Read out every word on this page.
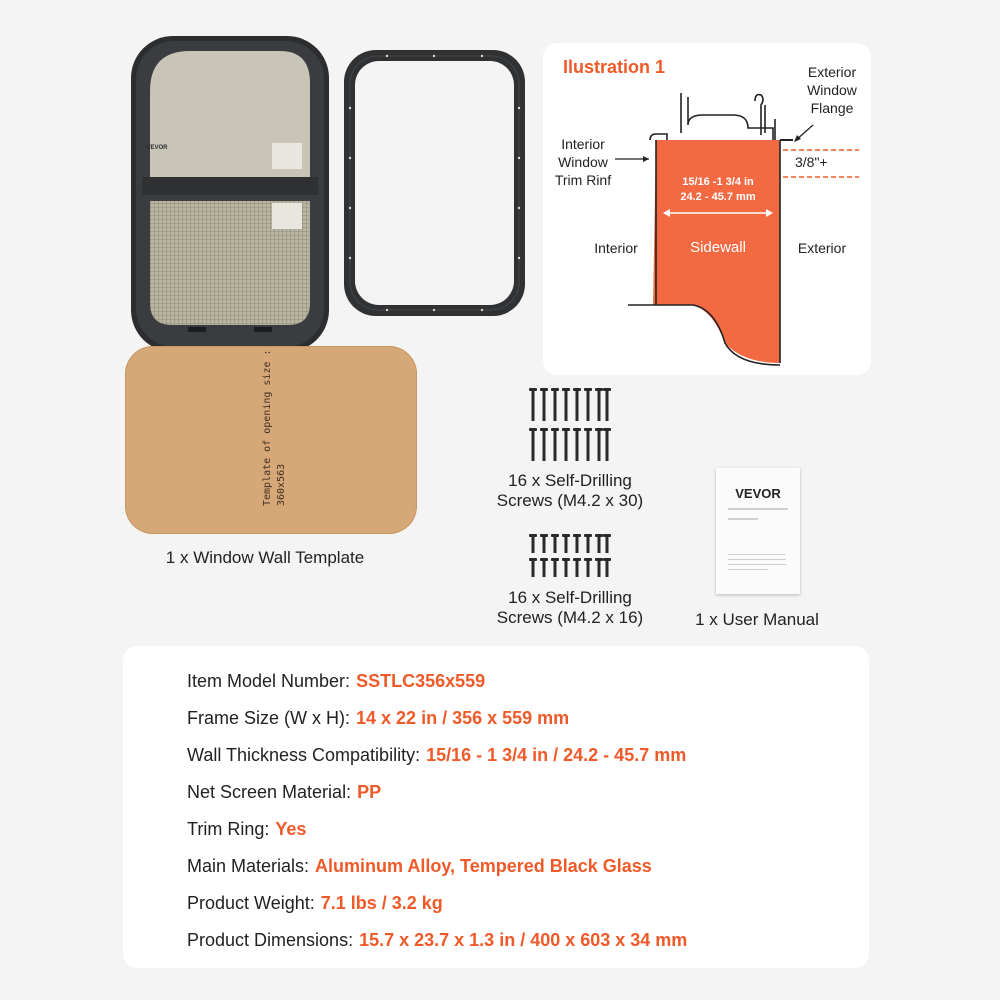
VEVOR
Ilustration 1	Exterior
Window
Flange
Interior
Window
Trim Rinf
Interior	Sidewall	Exterior
15/16 -1 3/4 in
24.2 - 45.7 mm
3/8"+
Template of opening size : 360x563
1 x Window Wall Template
16 x Self-Drilling
Screws (M4.2 x 30)
16 x Self-Drilling
Screws (M4.2 x 16)
VEVOR
1 x User Manual
Item Model Number: SSTLC356x559
Frame Size (W x H): 14 x 22 in / 356 x 559 mm
Wall Thickness Compatibility: 15/16 - 1 3/4 in / 24.2 - 45.7 mm
Net Screen Material: PP
Trim Ring: Yes
Main Materials: Aluminum Alloy, Tempered Black Glass
Product Weight: 7.1 lbs / 3.2 kg
Product Dimensions: 15.7 x 23.7 x 1.3 in / 400 x 603 x 34 mm
